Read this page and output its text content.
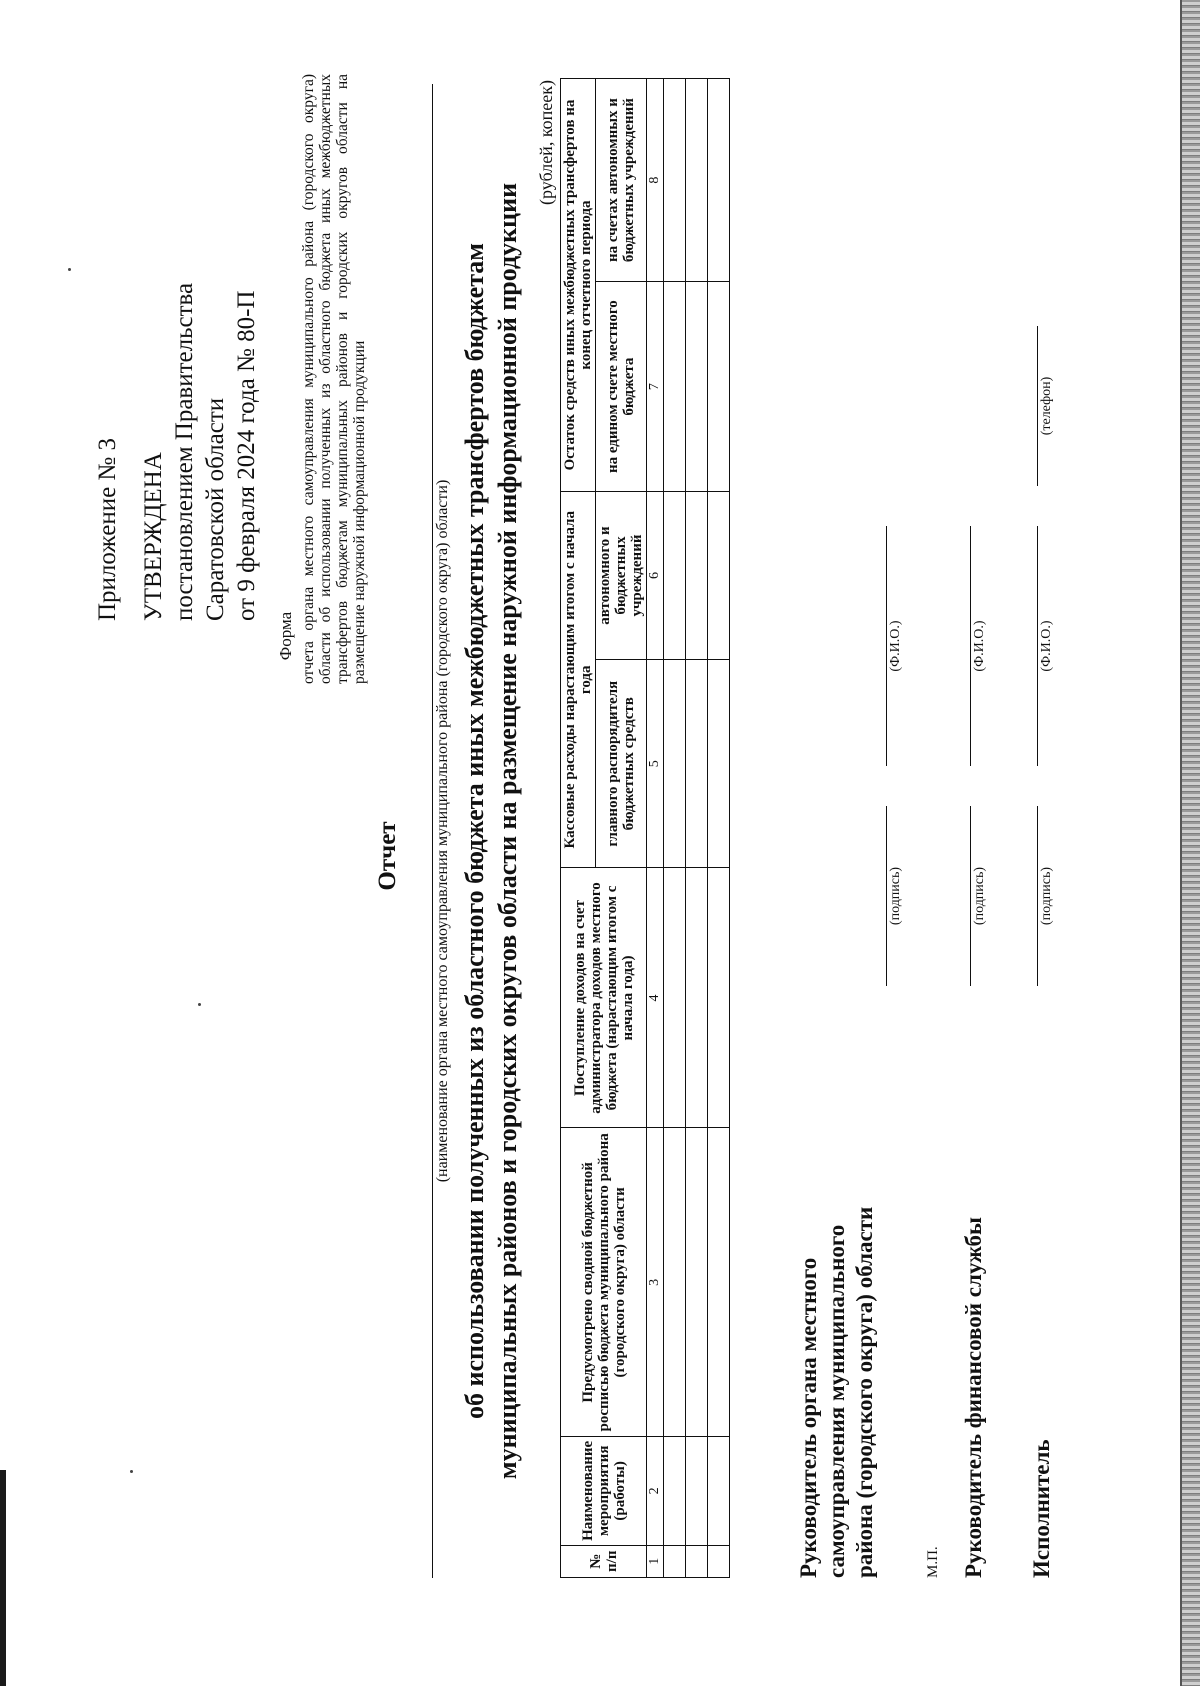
Приложение № 3 УТВЕРЖДЕНА постановлением Правительства Саратовской области от 9 февраля 2024 года № 80-П
Форма отчета органа местного самоуправления муниципального района (городского округа) области об использовании полученных из областного бюджета иных межбюджетных трансфертов бюджетам муниципальных районов и городских округов области на размещение наружной информационной продукции
Отчет (наименование органа местного самоуправления муниципального района (городского округа) области) об использовании полученных из областного бюджета иных межбюджетных трансфертов бюджетам муниципальных районов и городских округов области на размещение наружной информационной продукции
(рублей, копеек)
№ п/п	Наименование мероприятия (работы)	Предусмотрено сводной бюджетной росписью бюджета муниципального района (городского округа) области	Поступление доходов на счет администратора доходов местного бюджета (нарастающим итогом с начала года)	Кассовые расходы нарастающим итогом с начала года		Остаток средств иных межбюджетных трансфертов на конец отчетного периода	
				главного распорядителя бюджетных средств	автономного и бюджетных учреждений	на едином счете местного бюджета	на счетах автономных и бюджетных учреждений
1	2	3	4	5	6	7	8

Руководитель органа местного самоуправления муниципального района (городского округа) области
(подпись)
(Ф.И.О.)
М.П. Руководитель финансовой службы
(подпись)
(Ф.И.О.)
Исполнитель
(подпись)
(Ф.И.О.)
(телефон)
